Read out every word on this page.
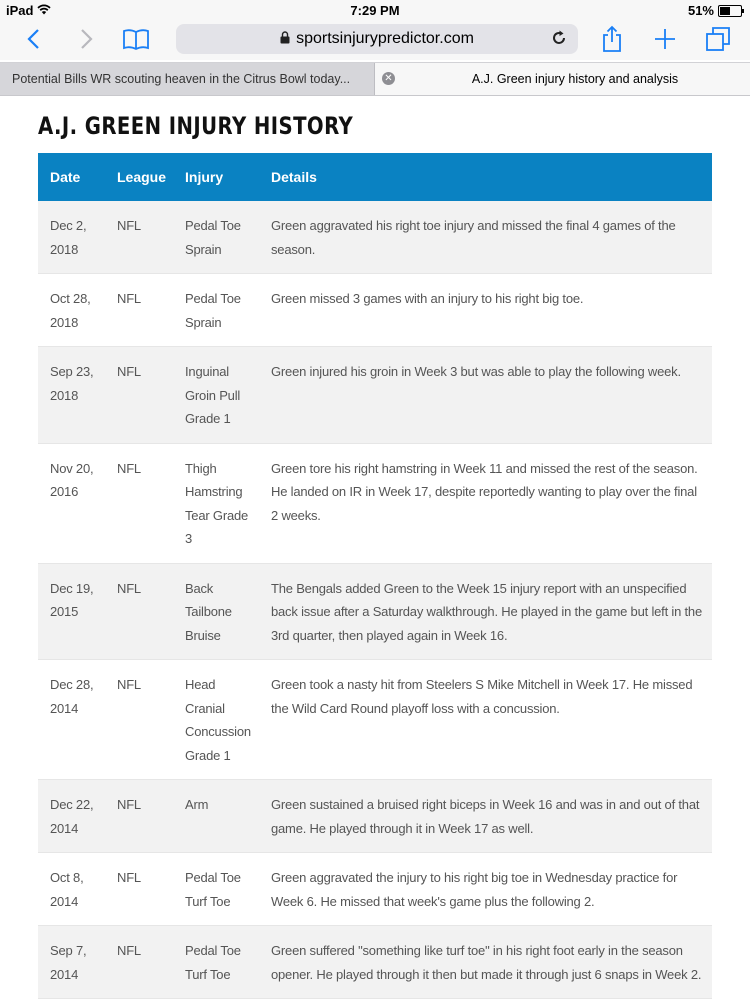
iPad	7:29 PM	51%
sportsinjurypredictor.com
Potential Bills WR scouting heaven in the Citrus Bowl today...	✕	A.J. Green injury history and analysis
A.J. GREEN INJURY HISTORY
Date	League	Injury	Details
Dec 2, 2018	NFL	Pedal Toe Sprain	Green aggravated his right toe injury and missed the final 4 games of the season.
Oct 28, 2018	NFL	Pedal Toe Sprain	Green missed 3 games with an injury to his right big toe.
Sep 23, 2018	NFL	Inguinal Groin Pull Grade 1	Green injured his groin in Week 3 but was able to play the following week.
Nov 20, 2016	NFL	Thigh Hamstring Tear Grade 3	Green tore his right hamstring in Week 11 and missed the rest of the season. He landed on IR in Week 17, despite reportedly wanting to play over the final 2 weeks.
Dec 19, 2015	NFL	Back Tailbone Bruise	The Bengals added Green to the Week 15 injury report with an unspecified back issue after a Saturday walkthrough. He played in the game but left in the 3rd quarter, then played again in Week 16.
Dec 28, 2014	NFL	Head Cranial Concussion Grade 1	Green took a nasty hit from Steelers S Mike Mitchell in Week 17. He missed the Wild Card Round playoff loss with a concussion.
Dec 22, 2014	NFL	Arm	Green sustained a bruised right biceps in Week 16 and was in and out of that game. He played through it in Week 17 as well.
Oct 8, 2014	NFL	Pedal Toe Turf Toe	Green aggravated the injury to his right big toe in Wednesday practice for Week 6. He missed that week's game plus the following 2.
Sep 7, 2014	NFL	Pedal Toe Turf Toe	Green suffered "something like turf toe" in his right foot early in the season opener. He played through it then but made it through just 6 snaps in Week 2.
